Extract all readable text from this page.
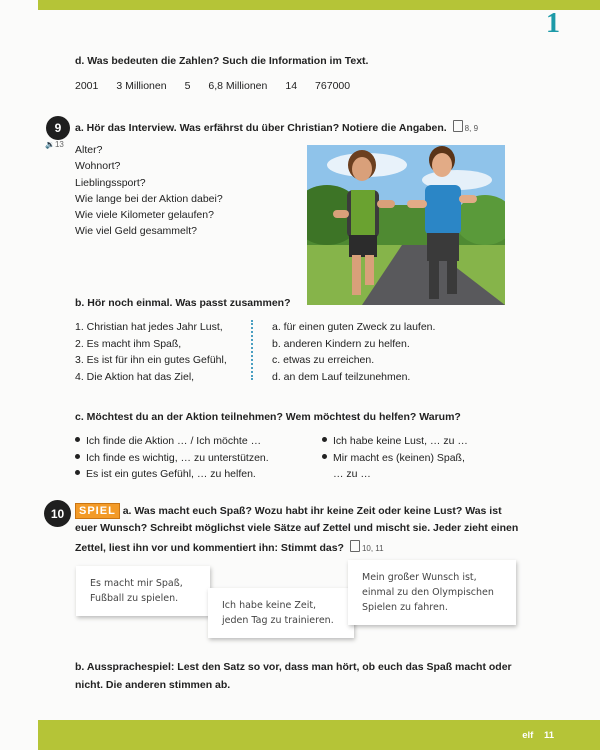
1
d. Was bedeuten die Zahlen? Such die Information im Text.
2001 3 Millionen 5 6,8 Millionen 14 767000
9
🔉13
a. Hör das Interview. Was erfährst du über Christian? Notiere die Angaben. 8, 9
Alter?
Wohnort?
Lieblingssport?
Wie lange bei der Aktion dabei?
Wie viele Kilometer gelaufen?
Wie viel Geld gesammelt?
b. Hör noch einmal. Was passt zusammen?
1. Christian hat jedes Jahr Lust,
2. Es macht ihm Spaß,
3. Es ist für ihn ein gutes Gefühl,
4. Die Aktion hat das Ziel,
a. für einen guten Zweck zu laufen.
b. anderen Kindern zu helfen.
c. etwas zu erreichen.
d. an dem Lauf teilzunehmen.
c. Möchtest du an der Aktion teilnehmen? Wem möchtest du helfen? Warum?
Ich finde die Aktion … / Ich möchte …
Ich finde es wichtig, … zu unterstützen.
Es ist ein gutes Gefühl, … zu helfen.
Ich habe keine Lust, … zu …
Mir macht es (keinen) Spaß,
… zu …
10	SPIEL a. Was macht euch Spaß? Wozu habt ihr keine Zeit oder keine Lust? Was ist
euer Wunsch? Schreibt möglichst viele Sätze auf Zettel und mischt sie. Jeder zieht einen
Zettel, liest ihn vor und kommentiert ihn: Stimmt das? 10, 11
Es macht mir Spaß,
Fußball zu spielen.
Ich habe keine Zeit,
jeden Tag zu trainieren.
Mein großer Wunsch ist,
einmal zu den Olympischen
Spielen zu fahren.
b. Aussprachespiel: Lest den Satz so vor, dass man hört, ob euch das Spaß macht oder
nicht. Die anderen stimmen ab.
elf 11
